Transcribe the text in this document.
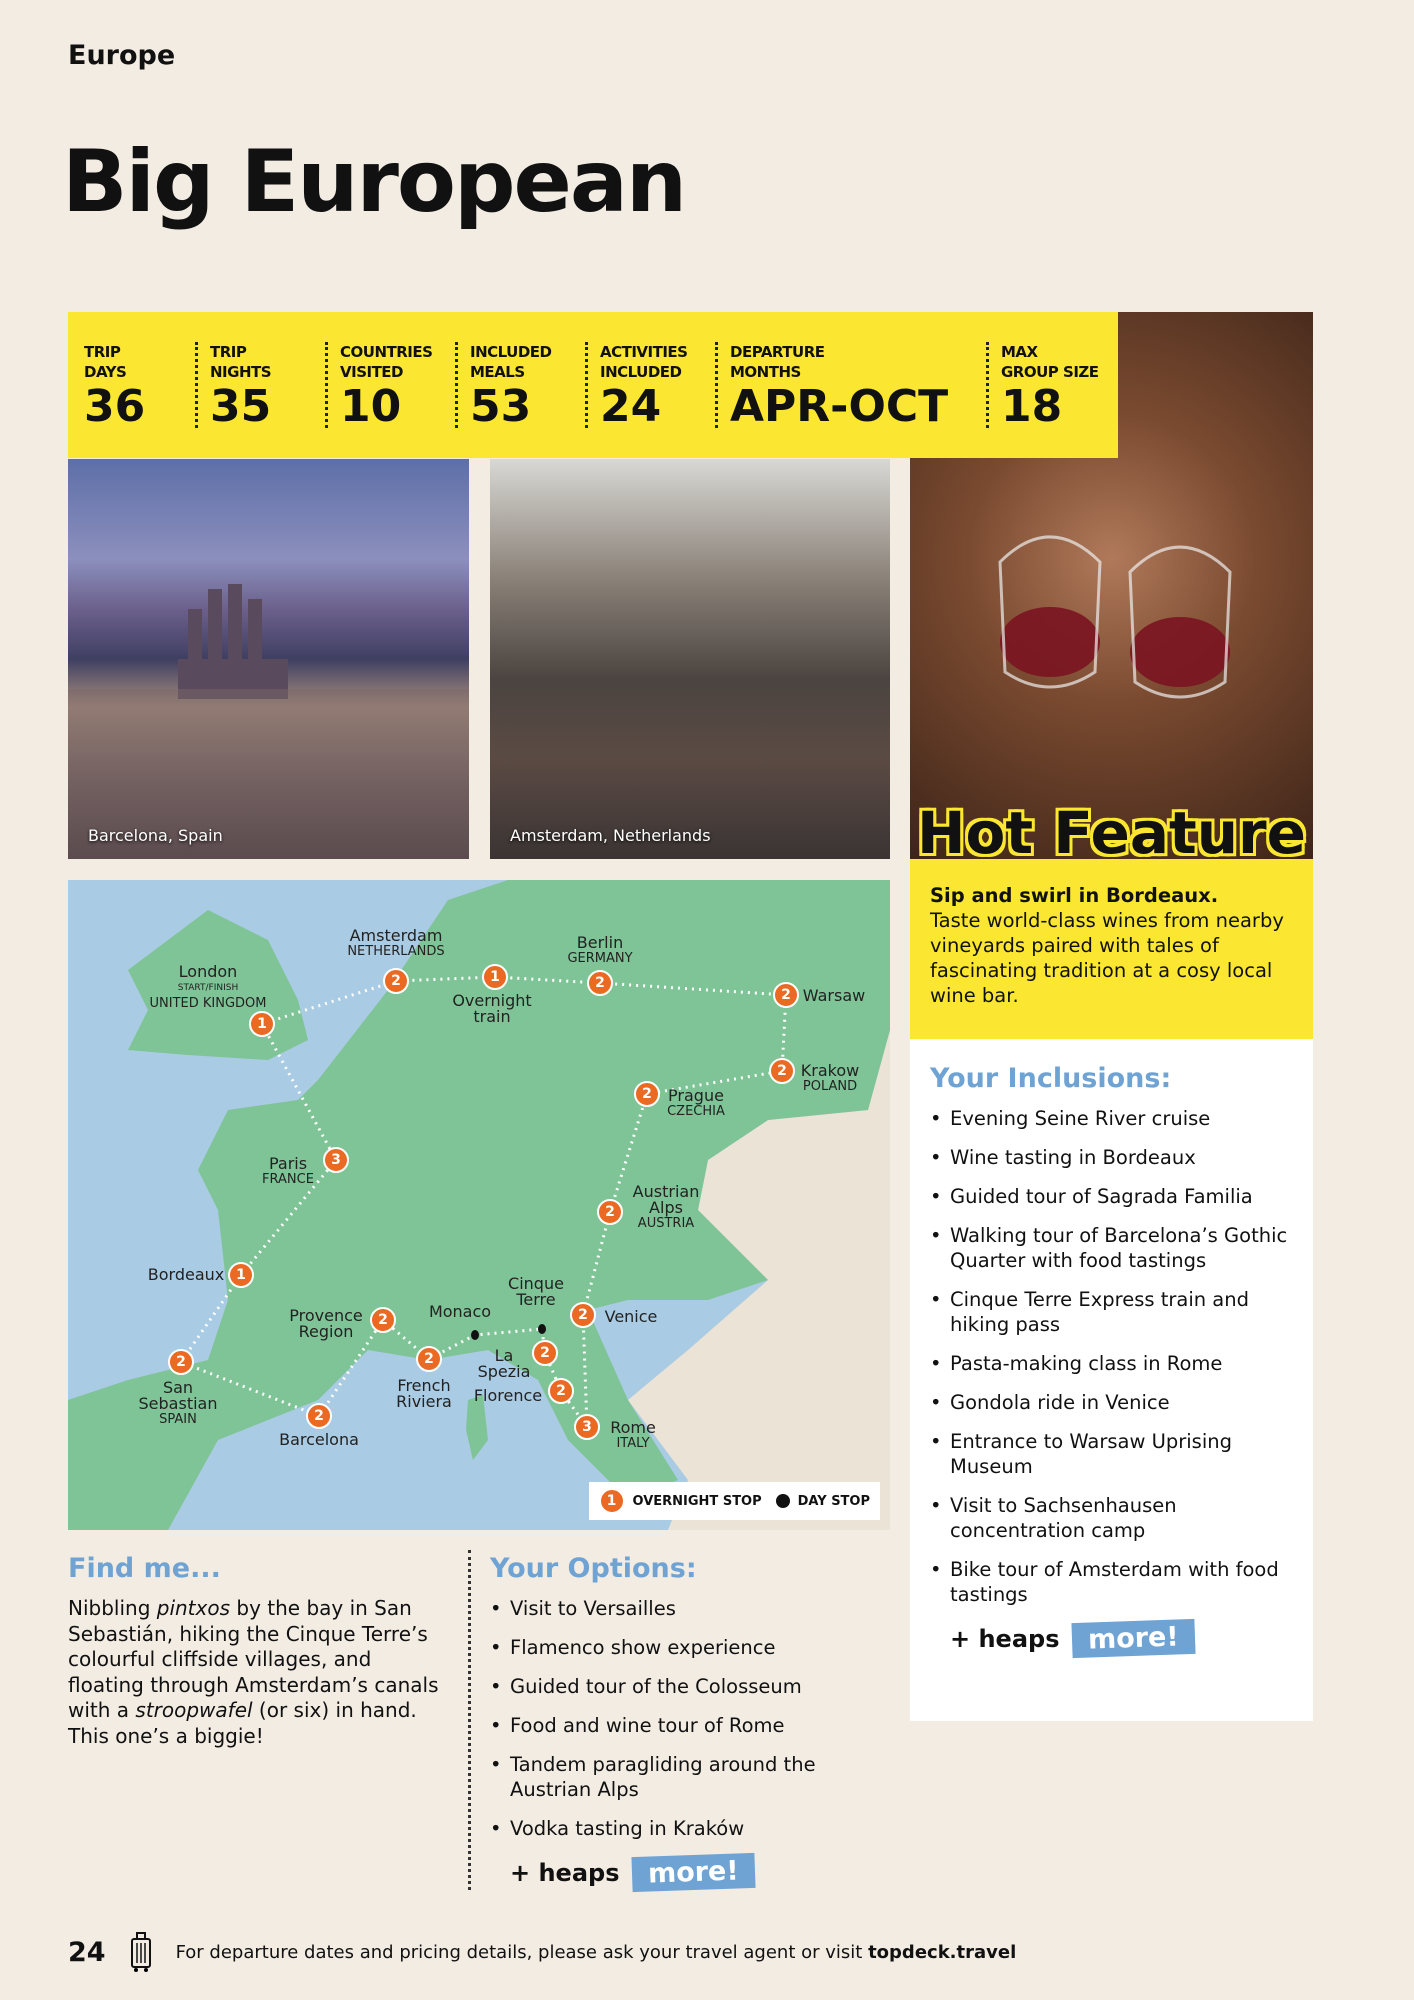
Europe
Big European
TRIP
DAYS
36
TRIP
NIGHTS
35
COUNTRIES
VISITED
10
INCLUDED
MEALS
53
ACTIVITIES
INCLUDED
24
DEPARTURE
MONTHS
APR-OCT
MAX
GROUP SIZE
18
Barcelona, Spain	Amsterdam, Netherlands	Hot Feature
Sip and swirl in Bordeaux.
Taste world-class wines from nearby vineyards paired with tales of fascinating tradition at a cosy local wine bar.
Your Inclusions:
• Evening Seine River cruise
• Wine tasting in Bordeaux
• Guided tour of Sagrada Familia
• Walking tour of Barcelona’s Gothic Quarter with food tastings
• Cinque Terre Express train and hiking pass
• Pasta-making class in Rome
• Gondola ride in Venice
• Entrance to Warsaw Uprising Museum
• Visit to Sachsenhausen concentration camp
• Bike tour of Amsterdam with food tastings
+ heaps	more!
1
London
START/FINISH
UNITED KINGDOM
3
Paris
FRANCE
1
Bordeaux
2
San Sebastian
SPAIN	2
Barcelona
2
Provence Region
2
French Riviera
Monaco
Cinque Terre
2
La Spezia
2
Florence
3	Rome
ITALY
2	Venice
2
Austrian Alps
AUSTRIA
2	Prague
CZECHIA
2 Krakow
POLAND
2 Warsaw
2
Berlin
GERMANY
1
Overnight train
2
Amsterdam
NETHERLANDS
1	OVERNIGHT STOP	DAY STOP
Find me...

Nibbling pintxos by the bay in San Sebastián, hiking the Cinque Terre’s colourful cliffside villages, and floating through Amsterdam’s canals with a stroopwafel (or six) in hand. This one’s a biggie!

Your Options:
• Visit to Versailles
• Flamenco show experience
• Guided tour of the Colosseum
• Food and wine tour of Rome
• Tandem paragliding around the Austrian Alps
• Vodka tasting in Kraków
+ heaps	more!
24	For departure dates and pricing details, please ask your travel agent or visit topdeck.travel
